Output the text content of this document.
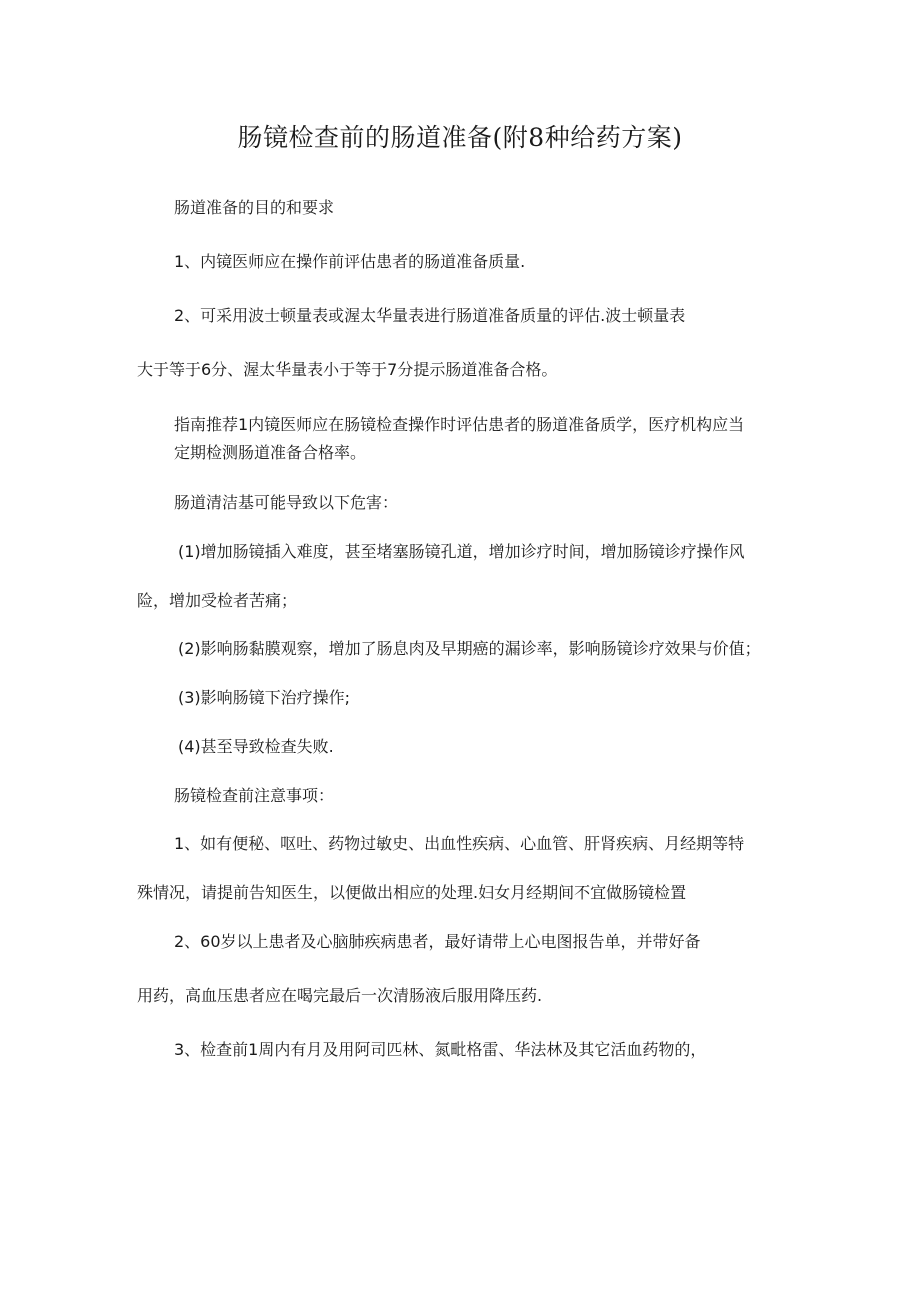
肠镜检查前的肠道准备(附8种给药方案)
肠道准备的目的和要求
1、内镜医师应在操作前评估患者的肠道准备质量.
2、可采用波士顿量表或渥太华量表进行肠道准备质量的评估.波士顿量表
大于等于6分、渥太华量表小于等于7分提示肠道准备合格。
指南推荐1内镜医师应在肠镜检查操作时评估患者的肠道准备质学，医疗机构应当
定期检测肠道准备合格率。
肠道清洁基可能导致以下危害：
(1)增加肠镜插入难度，甚至堵塞肠镜孔道，增加诊疗时间，增加肠镜诊疗操作风
险，增加受检者苦痛；
(2)影响肠黏膜观察，增加了肠息肉及早期癌的漏诊率，影响肠镜诊疗效果与价值；
(3)影响肠镜下治疗操作;
(4)甚至导致检查失败.
肠镜检查前注意事项：
1、如有便秘、呕吐、药物过敏史、出血性疾病、心血管、肝肾疾病、月经期等特
殊情况，请提前告知医生，以便做出相应的处理.妇女月经期间不宜做肠镜检置
2、60岁以上患者及心脑肺疾病患者，最好请带上心电图报告单，并带好备
用药，高血压患者应在喝完最后一次清肠液后服用降压药.
3、检查前1周内有月及用阿司匹林、氮毗格雷、华法林及其它活血药物的，
